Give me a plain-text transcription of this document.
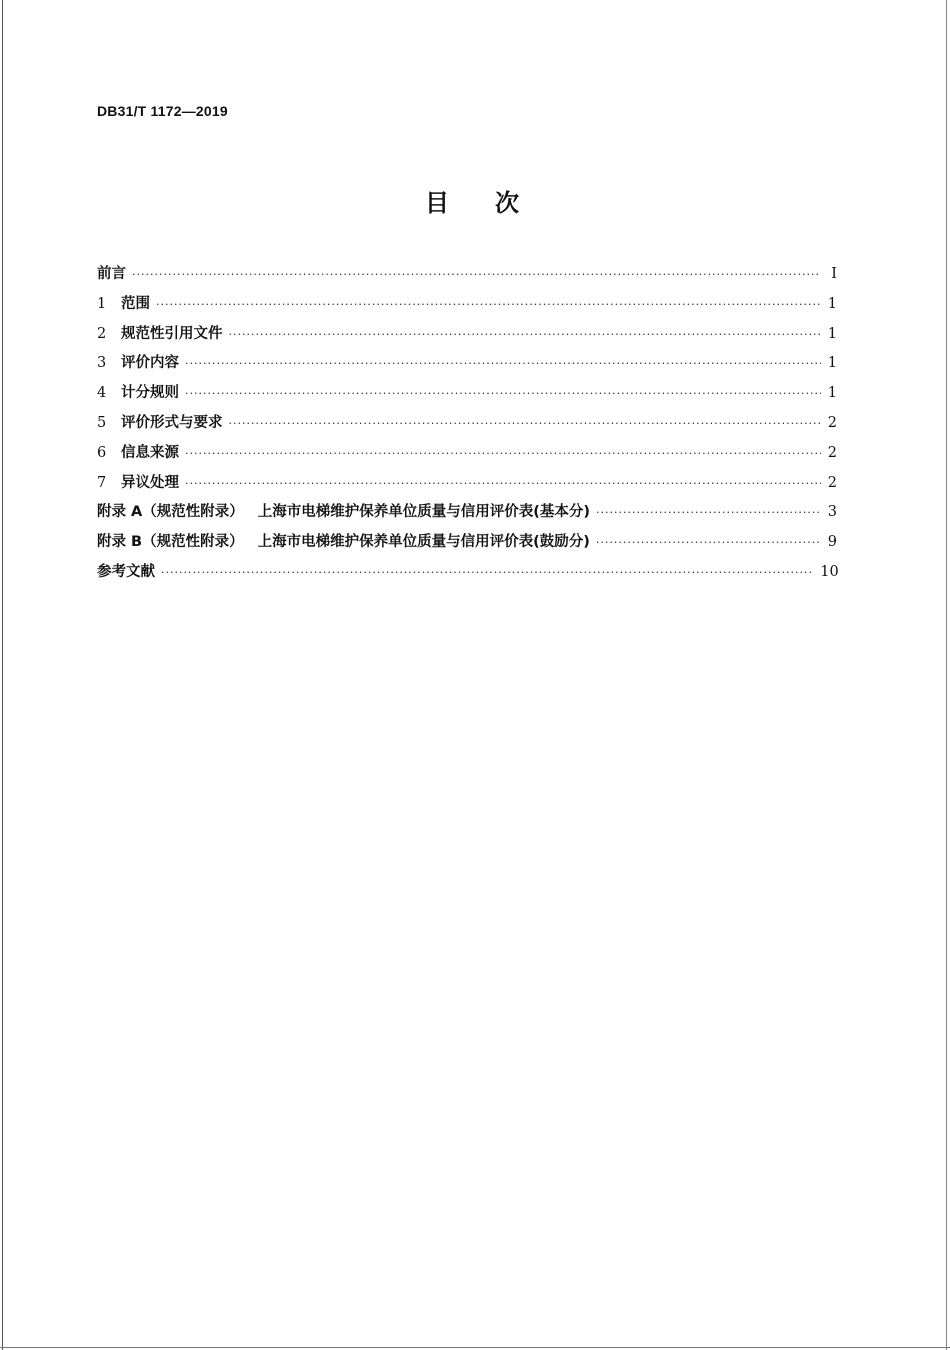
DB31/T 1172—2019
目次
前言 ·····	I
1 范围 ·····	1
2 规范性引用文件 ·····	1
3 评价内容 ·····	1
4 计分规则 ·····	1
5 评价形式与要求 ·····	2
6 信息来源 ·····	2
7 异议处理 ·····	2
附录 A（规范性附录） 上海市电梯维护保养单位质量与信用评价表(基本分) ·····	3
附录 B（规范性附录） 上海市电梯维护保养单位质量与信用评价表(鼓励分) ·····	9
参考文献 ·····	10
